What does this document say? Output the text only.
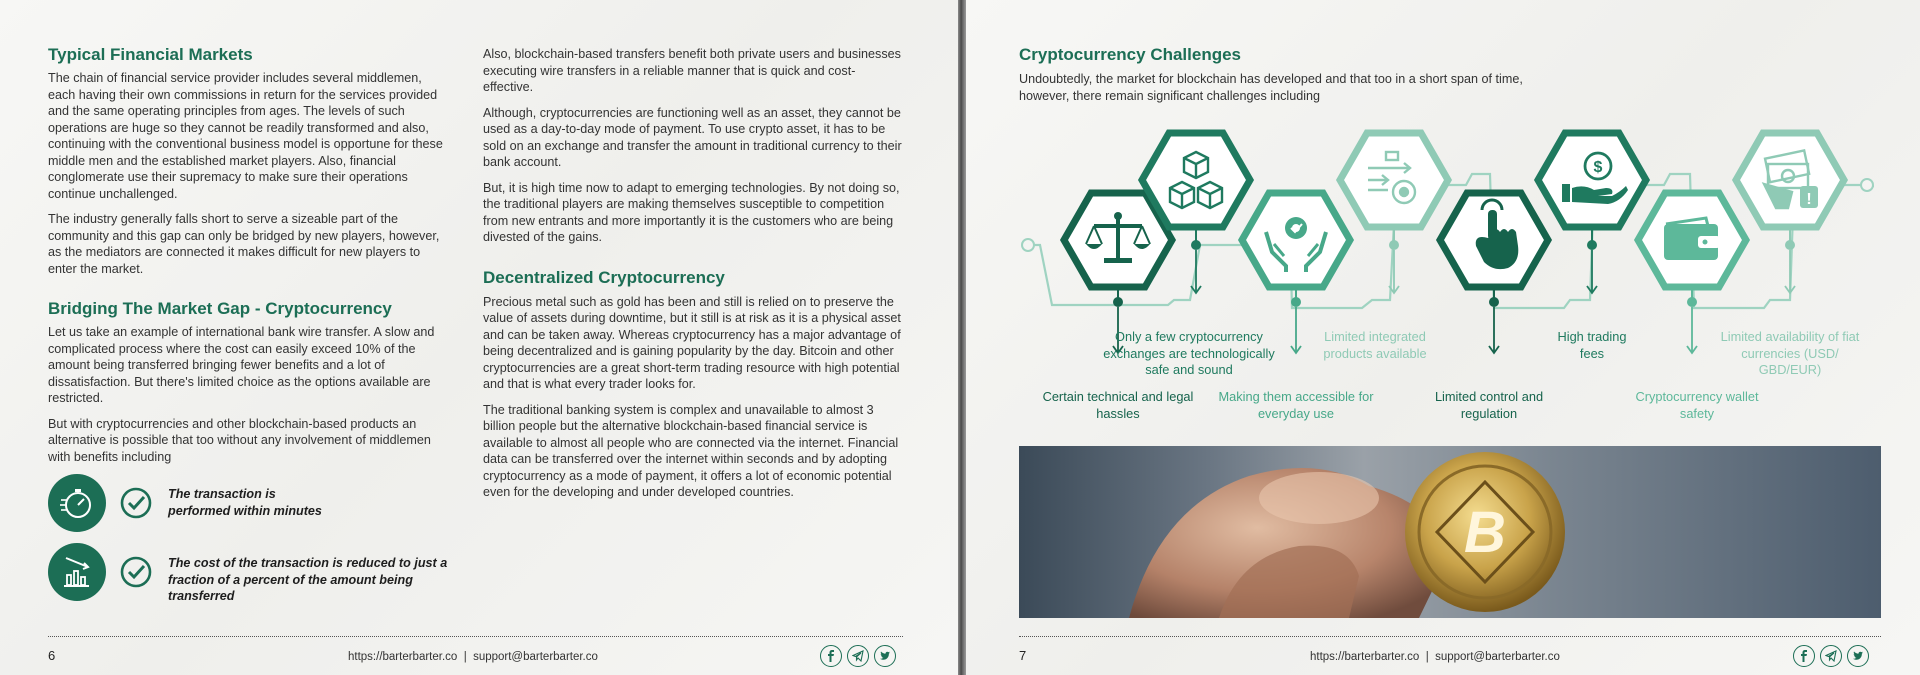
Typical Financial Markets

The chain of financial service provider includes several middlemen, each having their own commissions in return for the services provided and the same operating principles from ages. The levels of such operations are huge so they cannot be readily transformed and also, continuing with the conventional business model is opportune for these middle men and the established market players. Also, financial conglomerate use their supremacy to make sure their operations continue unchallenged.

The industry generally falls short to serve a sizeable part of the community and this gap can only be bridged by new players, however, as the mediators are connected it makes difficult for new players to enter the market.

Bridging The Market Gap - Cryptocurrency

Let us take an example of international bank wire transfer. A slow and complicated process where the cost can easily exceed 10% of the amount being transferred bringing fewer benefits and a lot of dissatisfaction. But there's limited choice as the options available are restricted.

But with cryptocurrencies and other blockchain-based products an alternative is possible that too without any involvement of middlemen with benefits including

The transaction is performed within minutes
The cost of the transaction is reduced to just a fraction of a percent of the amount being transferred

Also, blockchain-based transfers benefit both private users and businesses executing wire transfers in a reliable manner that is quick and cost-effective.

Although, cryptocurrencies are functioning well as an asset, they cannot be used as a day-to-day mode of payment. To use crypto asset, it has to be sold on an exchange and transfer the amount in traditional currency to their bank account.

But, it is high time now to adapt to emerging technologies. By not doing so, the traditional players are making themselves susceptible to competition from new entrants and more importantly it is the customers who are being divested of the gains.

Decentralized Cryptocurrency

Precious metal such as gold has been and still is relied on to preserve the value of assets during downtime, but it still is at risk as it is a physical asset and can be taken away. Whereas cryptocurrency has a major advantage of being decentralized and is gaining popularity by the day. Bitcoin and other cryptocurrencies are a great short-term trading resource with high potential and that is what every trader looks for.

The traditional banking system is complex and unavailable to almost 3 billion people but the alternative blockchain-based financial service is available to almost all people who are connected via the internet. Financial data can be transferred over the internet within seconds and by adopting cryptocurrency as a mode of payment, it offers a lot of economic potential even for the developing and under developed countries.

6	https://barterbarter.co  |  support@barterbarter.co
Cryptocurrency Challenges

Undoubtedly, the market for blockchain has developed and that too in a short span of time, however, there remain significant challenges including

$
!
Certain technical and legal hassles
Only a few cryptocurrency exchanges are technologically safe and sound
Making them accessible for everyday use
Limited integrated products available
Limited control and regulation
High trading fees
Cryptocurrency wallet safety
Limited availability of fiat currencies (USD/ GBD/EUR)
B
7	https://barterbarter.co  |  support@barterbarter.co
